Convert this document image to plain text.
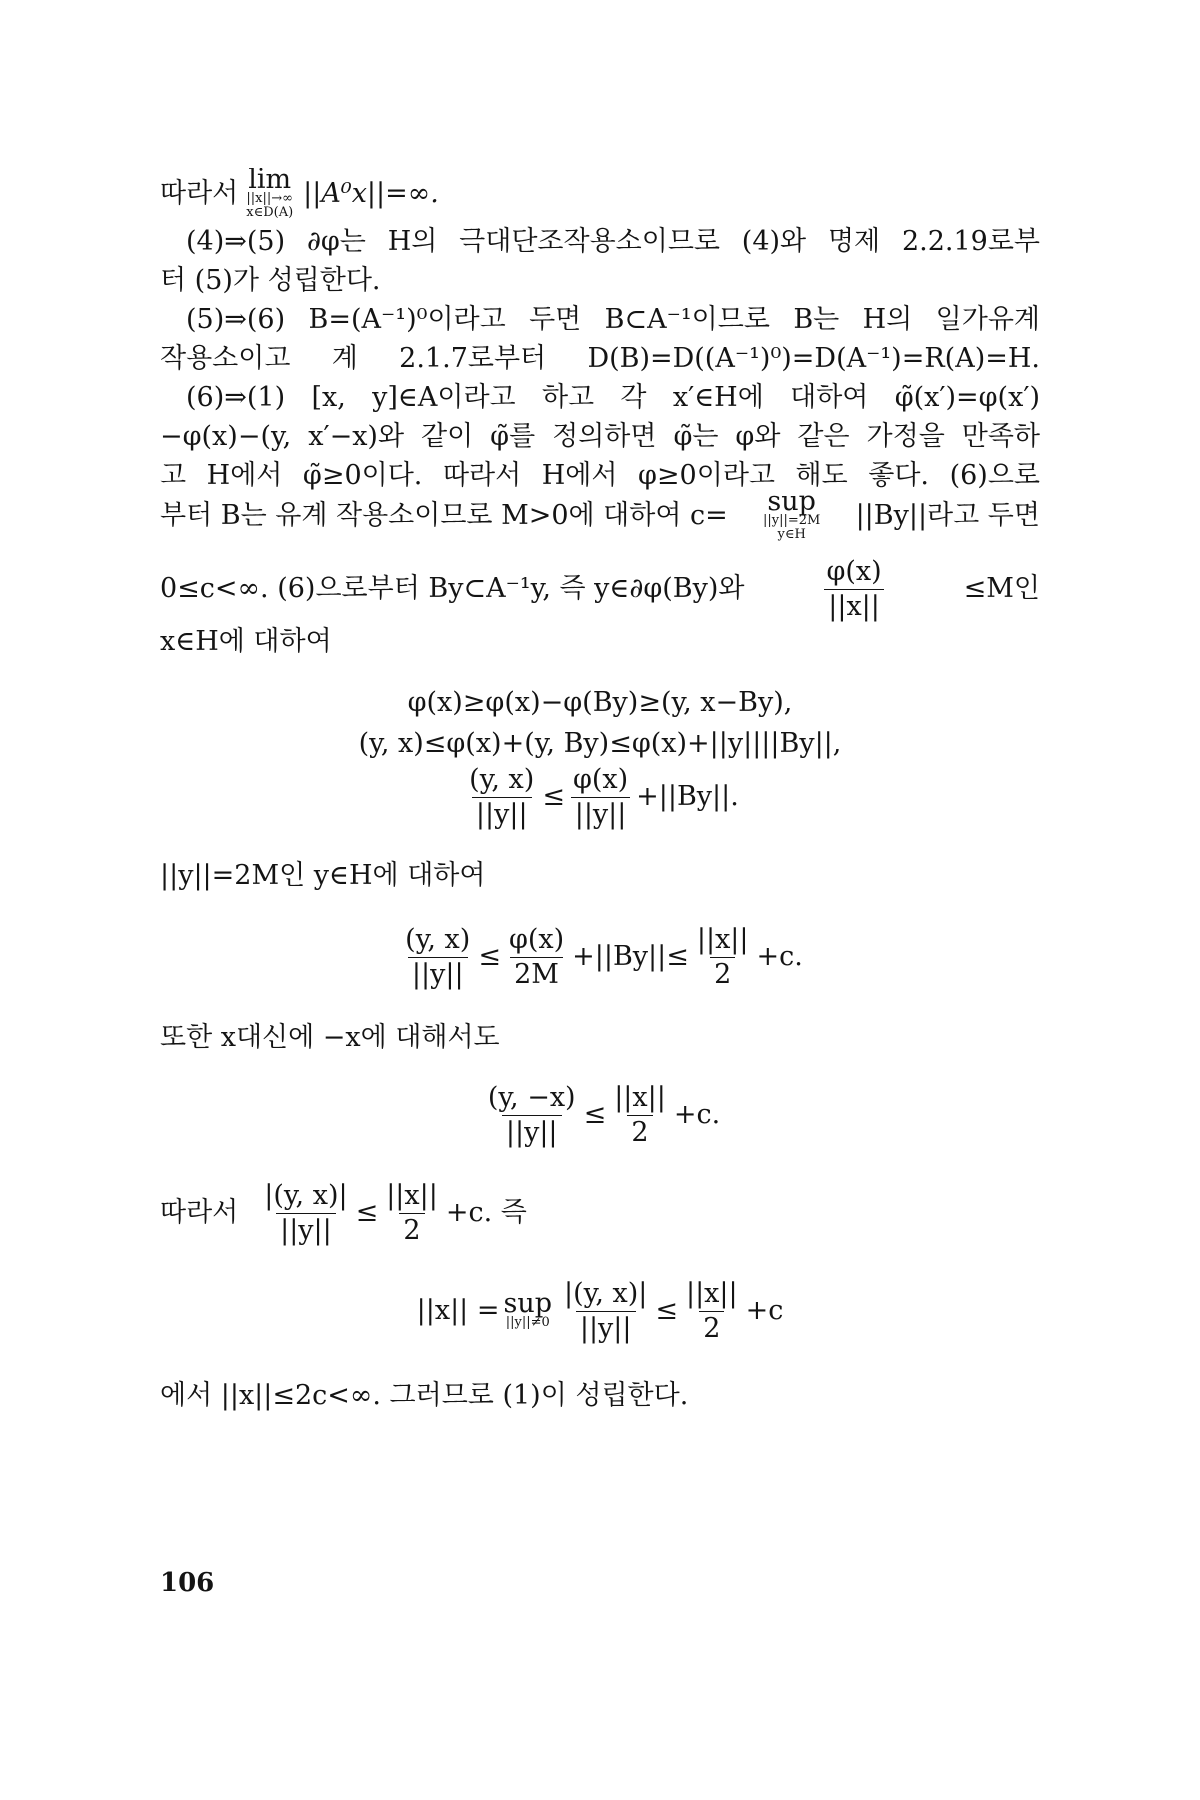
따라서 lim
||x||→∞
x∈D(A)
||A⁰x||=∞.
(4)⇒(5) ∂φ는 H의 극대단조작용소이므로 (4)와 명제 2.2.19로부
터 (5)가 성립한다.
(5)⇒(6) B=(A⁻¹)⁰이라고 두면 B⊂A⁻¹이므로 B는 H의 일가유계
작용소이고 계 2.1.7로부터 D(B)=D((A⁻¹)⁰)=D(A⁻¹)=R(A)=H.
(6)⇒(1) [x, y]∈A이라고 하고 각 x′∈H에 대하여 φ̃(x′)=φ(x′)
−φ(x)−(y, x′−x)와 같이 φ̃를 정의하면 φ̃는 φ와 같은 가정을 만족하
고 H에서 φ̃≥0이다. 따라서 H에서 φ≥0이라고 해도 좋다. (6)으로
부터 B는 유계 작용소이므로 M>0에 대하여 c= sup
||y||=2M
y∈H
||By||라고 두면
0≤c<∞. (6)으로부터 By⊂A⁻¹y, 즉 y∈∂φ(By)와	$\frac{\varphi(x)}{||x||}$	≤M인
x∈H에 대하여
φ(x)≥φ(x)−φ(By)≥(y, x−By),
(y, x)≤φ(x)+(y, By)≤φ(x)+||y||||By||,
$\frac{(y, x)}{||y||} \le \frac{\varphi(x)}{||y||} +||By||$.
||y||=2M인 y∈H에 대하여
$\frac{(y, x)}{||y||} \le \frac{\varphi(x)}{2M} +||By||\le \frac{||x||}{2} +c$.
또한 x대신에 −x에 대해서도
$\frac{(y, -x)}{||y||} \le \frac{||x||}{2} +c$.
따라서 $\frac{|(y, x)|}{||y||} \le \frac{||x||}{2} +c$. 즉
||x|| = sup
$||y||\ne 0 \frac{|(y, x)|}{||y||} \le \frac{||x||}{2} +c$
에서 ||x||≤2c<∞. 그러므로 (1)이 성립한다.
106
